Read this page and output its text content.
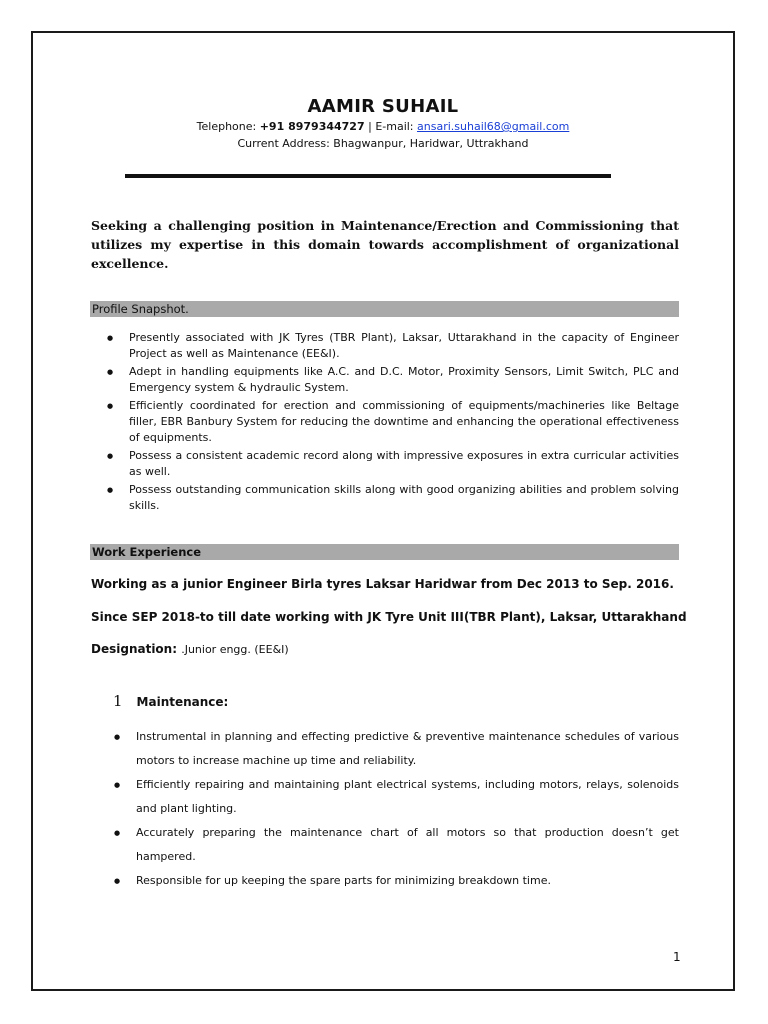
AAMIR SUHAIL
Telephone: +91 8979344727 | E-mail: ansari.suhail68@gmail.com
Current Address: Bhagwanpur, Haridwar, Uttrakhand
Seeking a challenging position in Maintenance/Erection and Commissioning that utilizes my expertise in this domain towards accomplishment of organizational excellence.
Profile Snapshot.
● Presently associated with JK Tyres (TBR Plant), Laksar, Uttarakhand in the capacity of Engineer Project as well as Maintenance (EE&I).
● Adept in handling equipments like A.C. and D.C. Motor, Proximity Sensors, Limit Switch, PLC and Emergency system & hydraulic System.
● Efficiently coordinated for erection and commissioning of equipments/machineries like Beltage filler, EBR Banbury System for reducing the downtime and enhancing the operational effectiveness of equipments.
● Possess a consistent academic record along with impressive exposures in extra curricular activities as well.
● Possess outstanding communication skills along with good organizing abilities and problem solving skills.
Work Experience
Working as a junior Engineer Birla tyres Laksar Haridwar from Dec 2013 to Sep. 2016.
Since SEP 2018-to till date working with JK Tyre Unit III(TBR Plant), Laksar, Uttarakhand
Designation: .Junior engg. (EE&I)
1 Maintenance:
● Instrumental in planning and effecting predictive & preventive maintenance schedules of various motors to increase machine up time and reliability.
● Efficiently repairing and maintaining plant electrical systems, including motors, relays, solenoids and plant lighting.
● Accurately preparing the maintenance chart of all motors so that production doesn’t get hampered.
● Responsible for up keeping the spare parts for minimizing breakdown time.
1
